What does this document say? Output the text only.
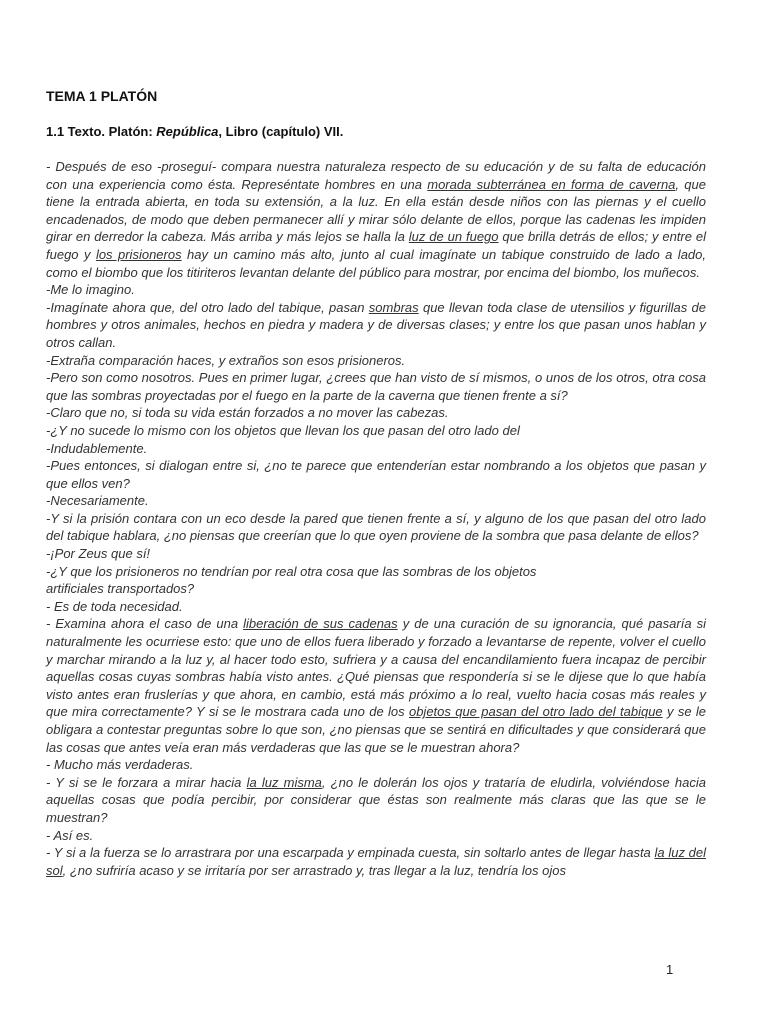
TEMA 1 PLATÓN
1.1 Texto. Platón: República, Libro (capítulo) VII.

- Después de eso -proseguí- compara nuestra naturaleza respecto de su educación y de su falta de educación con una experiencia como ésta. Represéntate hombres en una morada subterránea en forma de caverna, que tiene la entrada abierta, en toda su extensión, a la luz. En ella están desde niños con las piernas y el cuello encadenados, de modo que deben permanecer allí y mirar sólo delante de ellos, porque las cadenas les impiden girar en derredor la cabeza. Más arriba y más lejos se halla la luz de un fuego que brilla detrás de ellos; y entre el fuego y los prisioneros hay un camino más alto, junto al cual imagínate un tabique construido de lado a lado, como el biombo que los titiriteros levantan delante del público para mostrar, por encima del biombo, los muñecos.

-Me lo imagino.

-Imagínate ahora que, del otro lado del tabique, pasan sombras que llevan toda clase de utensilios y figurillas de hombres y otros animales, hechos en piedra y madera y de diversas clases; y entre los que pasan unos hablan y otros callan.

-Extraña comparación haces, y extraños son esos prisioneros.

-Pero son como nosotros. Pues en primer lugar, ¿crees que han visto de sí mismos, o unos de los otros, otra cosa que las sombras proyectadas por el fuego en la parte de la caverna que tienen frente a sí?

-Claro que no, si toda su vida están forzados a no mover las cabezas.

-¿Y no sucede lo mismo con los objetos que llevan los que pasan del otro lado del

-Indudablemente.

-Pues entonces, si dialogan entre si, ¿no te parece que entenderían estar nombrando a los objetos que pasan y que ellos ven?

-Necesariamente.

-Y si la prisión contara con un eco desde la pared que tienen frente a sí, y alguno de los que pasan del otro lado del tabique hablara, ¿no piensas que creerían que lo que oyen proviene de la sombra que pasa delante de ellos?

-¡Por Zeus que sí!

-¿Y que los prisioneros no tendrían por real otra cosa que las sombras de los objetos

artificiales transportados?

- Es de toda necesidad.

- Examina ahora el caso de una liberación de sus cadenas y de una curación de su ignorancia, qué pasaría si naturalmente les ocurriese esto: que uno de ellos fuera liberado y forzado a levantarse de repente, volver el cuello y marchar mirando a la luz y, al hacer todo esto, sufriera y a causa del encandilamiento fuera incapaz de percibir aquellas cosas cuyas sombras había visto antes. ¿Qué piensas que respondería si se le dijese que lo que había visto antes eran fruslerías y que ahora, en cambio, está más próximo a lo real, vuelto hacia cosas más reales y que mira correctamente? Y si se le mostrara cada uno de los objetos que pasan del otro lado del tabique y se le obligara a contestar preguntas sobre lo que son, ¿no piensas que se sentirá en dificultades y que considerará que las cosas que antes veía eran más verdaderas que las que se le muestran ahora?

- Mucho más verdaderas.

- Y si se le forzara a mirar hacia la luz misma, ¿no le dolerán los ojos y trataría de eludirla, volviéndose hacia aquellas cosas que podía percibir, por considerar que éstas son realmente más claras que las que se le muestran?

- Así es.

- Y si a la fuerza se lo arrastrara por una escarpada y empinada cuesta, sin soltarlo antes de llegar hasta la luz del sol, ¿no sufriría acaso y se irritaría por ser arrastrado y, tras llegar a la luz, tendría los ojos

1
